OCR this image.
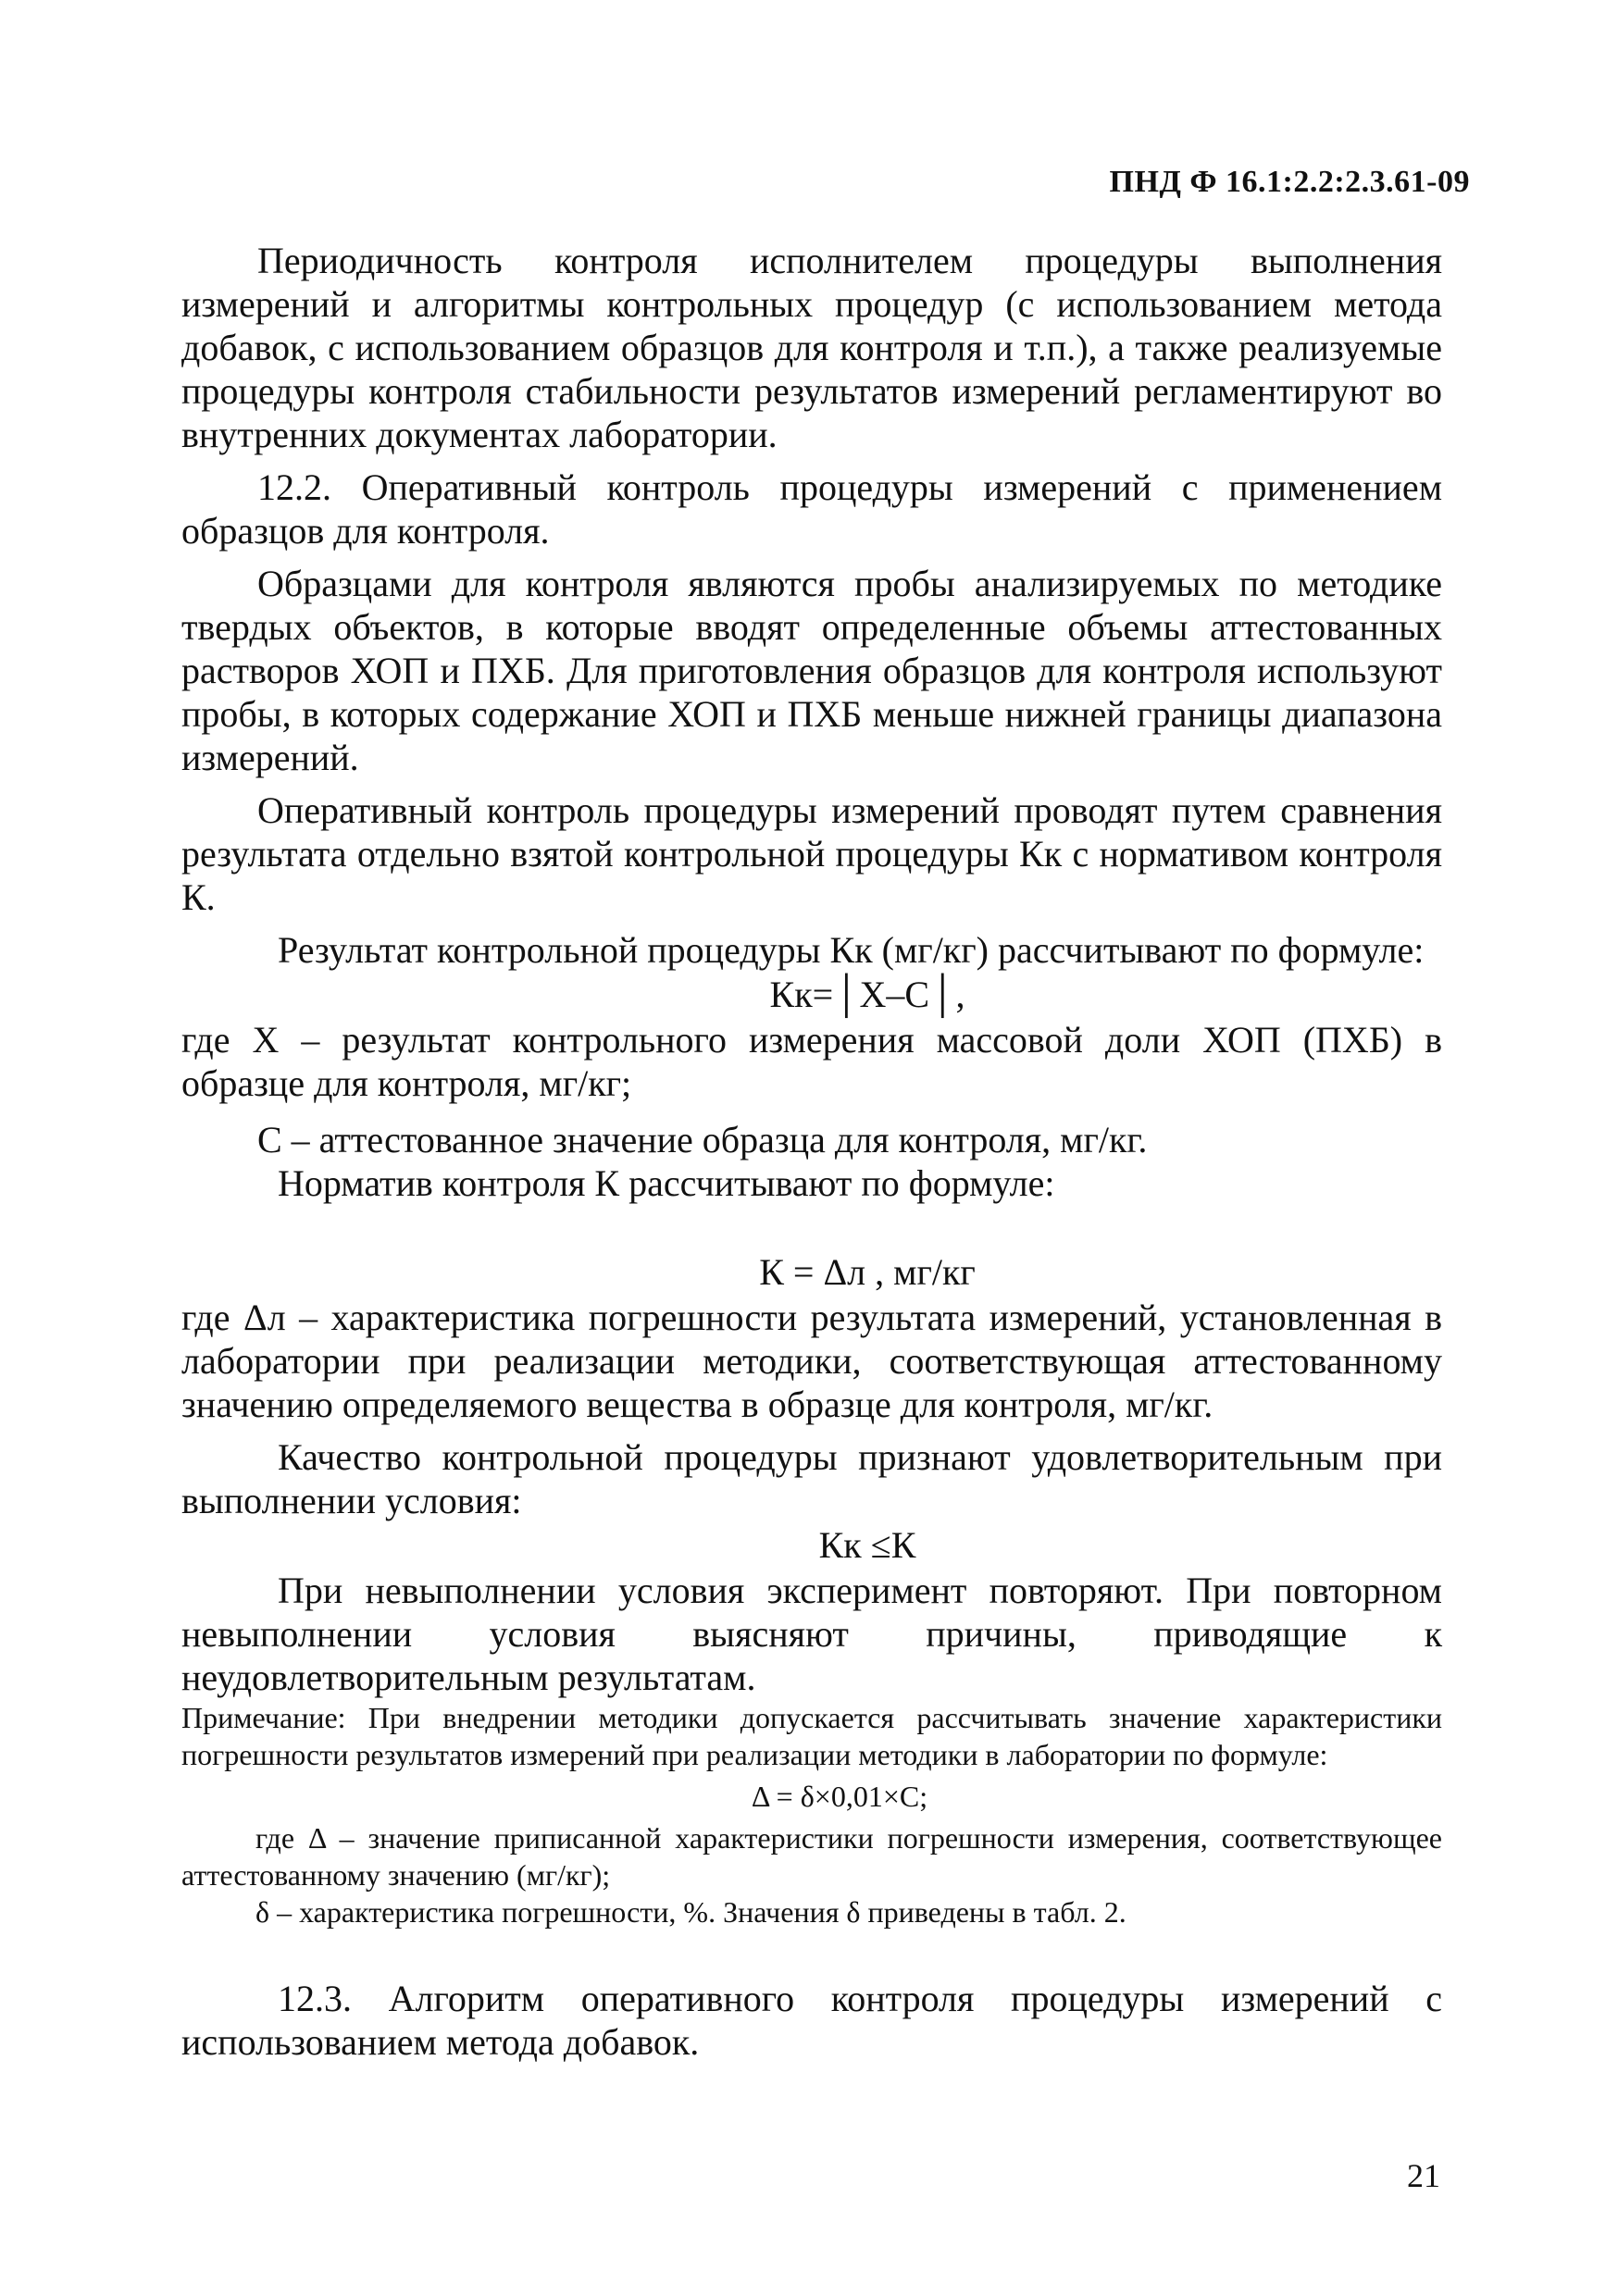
ПНД Ф 16.1:2.2:2.3.61-09

Периодичность контроля исполнителем процедуры выполнения измерений и алгоритмы контрольных процедур (с использованием метода добавок, с использованием образцов для контроля и т.п.), а также реализуемые процедуры контроля стабильности результатов измерений регламентируют во внутренних документах лаборатории.

12.2. Оперативный контроль процедуры измерений с применением образцов для контроля.

Образцами для контроля являются пробы анализируемых по методике твердых объектов, в которые вводят определенные объемы аттестованных растворов ХОП и ПХБ. Для приготовления образцов для контроля используют пробы, в которых содержание ХОП и ПХБ меньше нижней границы диапазона измерений.

Оперативный контроль процедуры измерений проводят путем сравнения результата отдельно взятой контрольной процедуры Кк с нормативом контроля К.

Результат контрольной процедуры Кк (мг/кг) рассчитывают по формуле:

Кк=│X–C│,

где X – результат контрольного измерения массовой доли ХОП (ПХБ) в образце для контроля, мг/кг;

С – аттестованное значение образца для контроля, мг/кг.

Норматив контроля К рассчитывают по формуле:

К = Δл , мг/кг

где Δл – характеристика погрешности результата измерений, установленная в лаборатории при реализации методики, соответствующая аттестованному значению определяемого вещества в образце для контроля, мг/кг.

Качество контрольной процедуры признают удовлетворительным при выполнении условия:

Кк ≤К

При невыполнении условия эксперимент повторяют. При повторном невыполнении условия выясняют причины, приводящие к неудовлетворительным результатам.

Примечание: При внедрении методики допускается рассчитывать значение характеристики погрешности результатов измерений при реализации методики в лаборатории по формуле:

Δ = δ×0,01×C;

где Δ – значение приписанной характеристики погрешности измерения, соответствующее аттестованному значению (мг/кг);

δ – характеристика погрешности, %. Значения δ приведены в табл. 2.

12.3. Алгоритм оперативного контроля процедуры измерений с использованием метода добавок.

21
